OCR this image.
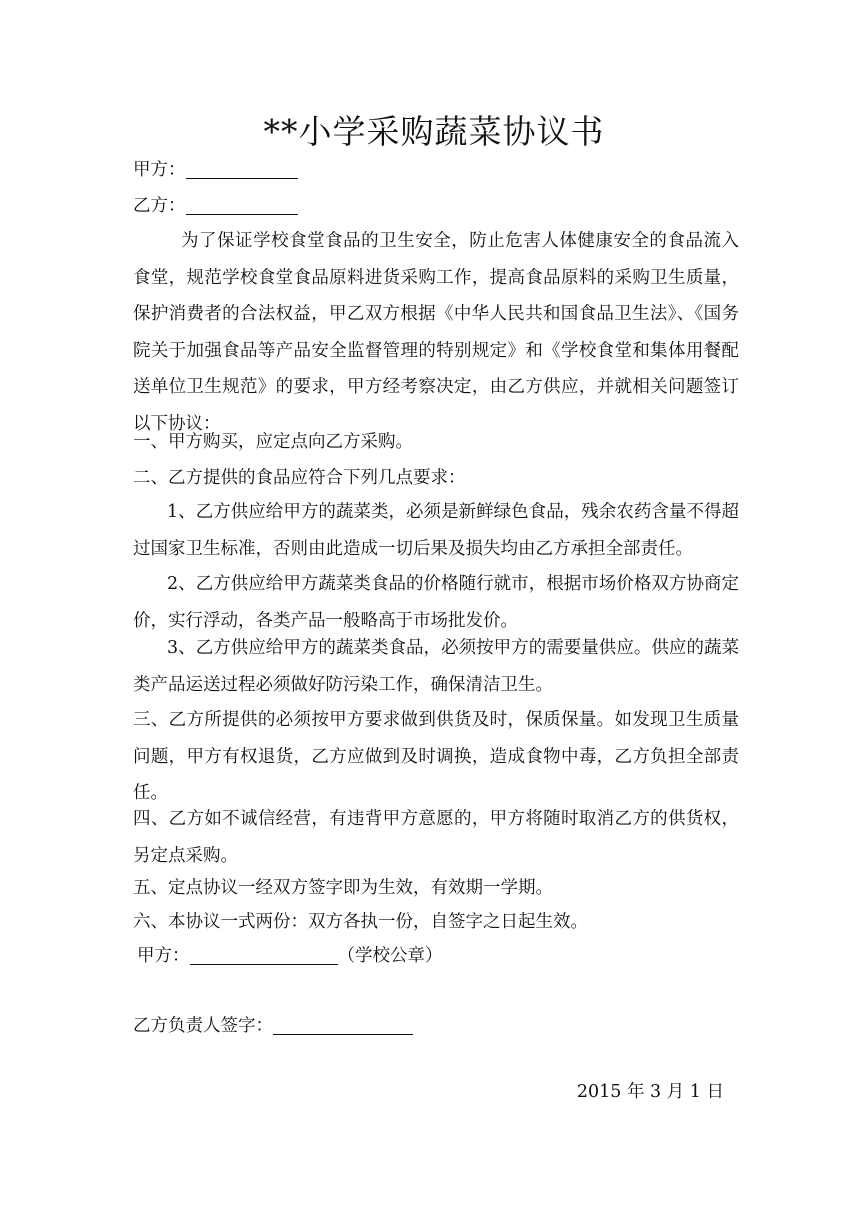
**小学采购蔬菜协议书
甲方：
乙方：
为了保证学校食堂食品的卫生安全，防止危害人体健康安全的食品流入食堂，规范学校食堂食品原料进货采购工作，提高食品原料的采购卫生质量，保护消费者的合法权益，甲乙双方根据《中华人民共和国食品卫生法》、《国务院关于加强食品等产品安全监督管理的特别规定》和《学校食堂和集体用餐配送单位卫生规范》的要求，甲方经考察决定，由乙方供应，并就相关问题签订以下协议：
一、甲方购买，应定点向乙方采购。
二、乙方提供的食品应符合下列几点要求：
1、乙方供应给甲方的蔬菜类，必须是新鲜绿色食品，残余农药含量不得超过国家卫生标准，否则由此造成一切后果及损失均由乙方承担全部责任。
2、乙方供应给甲方蔬菜类食品的价格随行就市，根据市场价格双方协商定价，实行浮动，各类产品一般略高于市场批发价。
3、乙方供应给甲方的蔬菜类食品，必须按甲方的需要量供应。供应的蔬菜类产品运送过程必须做好防污染工作，确保清洁卫生。
三、乙方所提供的必须按甲方要求做到供货及时，保质保量。如发现卫生质量问题，甲方有权退货，乙方应做到及时调换，造成食物中毒，乙方负担全部责任。
四、乙方如不诚信经营，有违背甲方意愿的，甲方将随时取消乙方的供货权，另定点采购。
五、定点协议一经双方签字即为生效，有效期一学期。
六、本协议一式两份：双方各执一份，自签字之日起生效。
甲方：	（学校公章）
乙方负责人签字：
2015 年 3 月 1 日
